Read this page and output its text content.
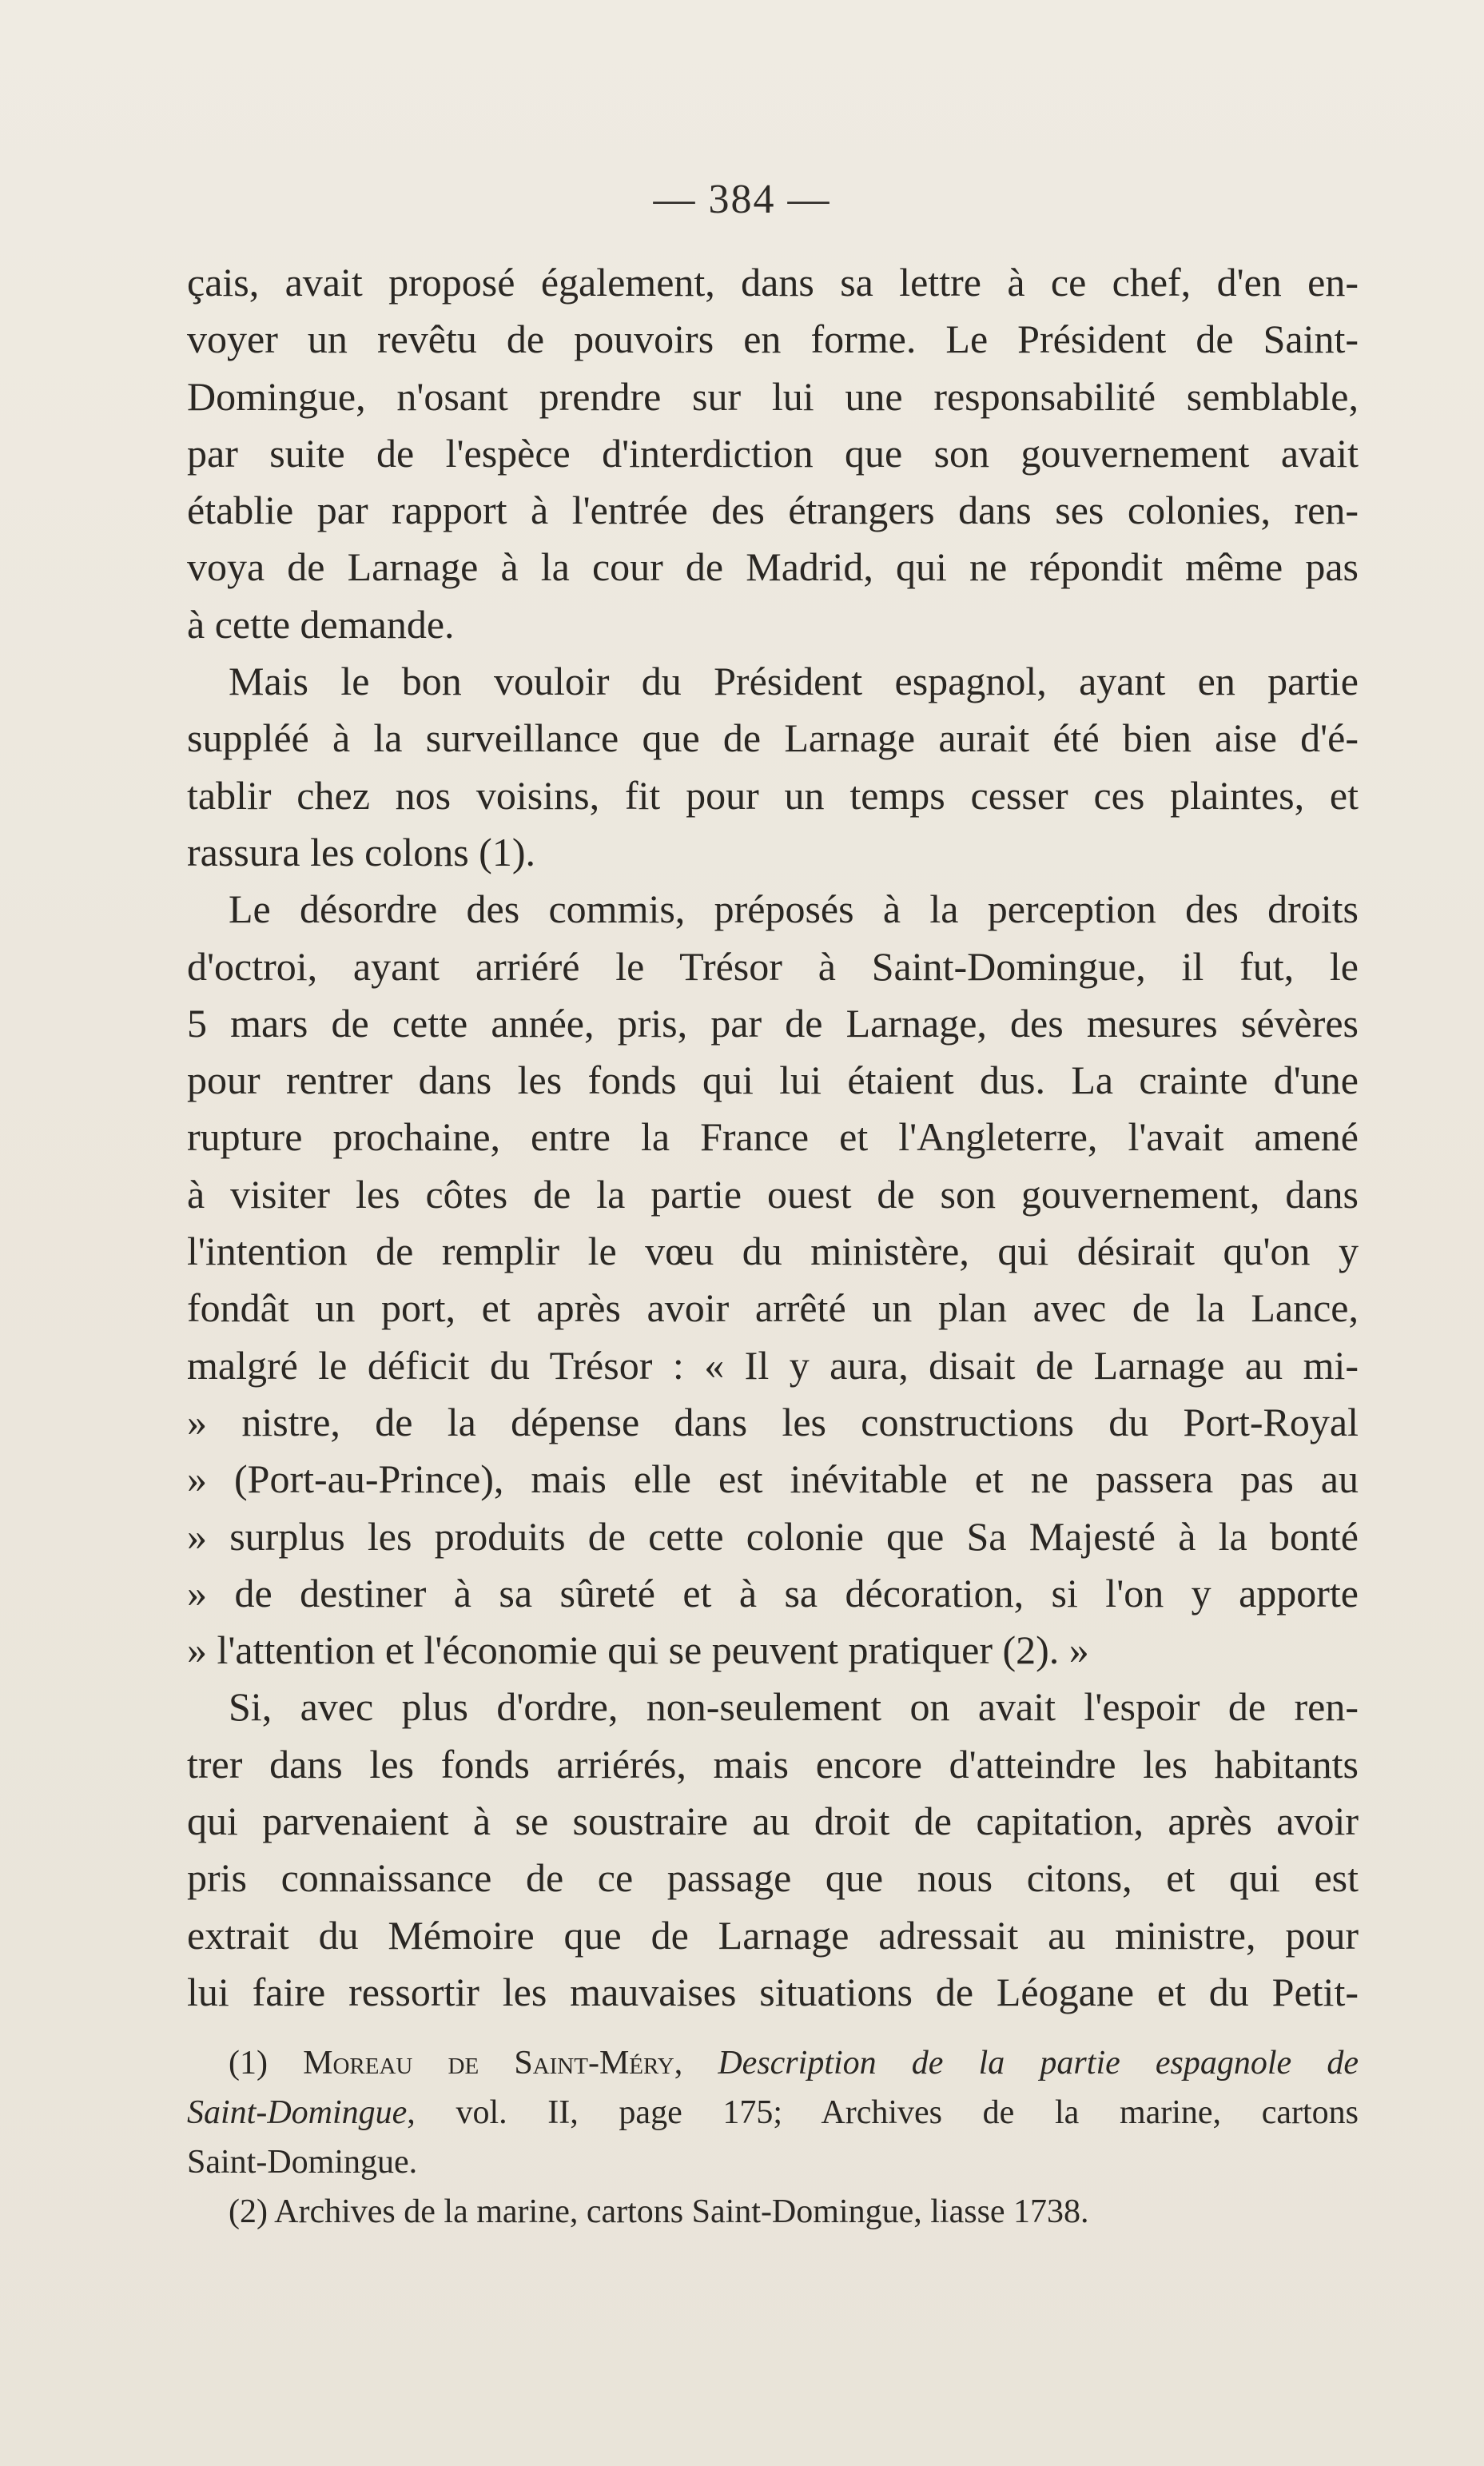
— 384 —
çais, avait proposé également, dans sa lettre à ce chef, d'en en-
voyer un revêtu de pouvoirs en forme. Le Président de Saint-
Domingue, n'osant prendre sur lui une responsabilité semblable,
par suite de l'espèce d'interdiction que son gouvernement avait
établie par rapport à l'entrée des étrangers dans ses colonies, ren-
voya de Larnage à la cour de Madrid, qui ne répondit même pas
à cette demande.
Mais le bon vouloir du Président espagnol, ayant en partie
suppléé à la surveillance que de Larnage aurait été bien aise d'é-
tablir chez nos voisins, fit pour un temps cesser ces plaintes, et
rassura les colons (1).
Le désordre des commis, préposés à la perception des droits
d'octroi, ayant arriéré le Trésor à Saint-Domingue, il fut, le
5 mars de cette année, pris, par de Larnage, des mesures sévères
pour rentrer dans les fonds qui lui étaient dus. La crainte d'une
rupture prochaine, entre la France et l'Angleterre, l'avait amené
à visiter les côtes de la partie ouest de son gouvernement, dans
l'intention de remplir le vœu du ministère, qui désirait qu'on y
fondât un port, et après avoir arrêté un plan avec de la Lance,
malgré le déficit du Trésor : « Il y aura, disait de Larnage au mi-
» nistre, de la dépense dans les constructions du Port-Royal
» (Port-au-Prince), mais elle est inévitable et ne passera pas au
» surplus les produits de cette colonie que Sa Majesté à la bonté
» de destiner à sa sûreté et à sa décoration, si l'on y apporte
» l'attention et l'économie qui se peuvent pratiquer (2). »
Si, avec plus d'ordre, non-seulement on avait l'espoir de ren-
trer dans les fonds arriérés, mais encore d'atteindre les habitants
qui parvenaient à se soustraire au droit de capitation, après avoir
pris connaissance de ce passage que nous citons, et qui est
extrait du Mémoire que de Larnage adressait au ministre, pour
lui faire ressortir les mauvaises situations de Léogane et du Petit-
(1) Moreau de Saint-Méry, Description de la partie espagnole de
Saint-Domingue, vol. II, page 175; Archives de la marine, cartons
Saint-Domingue.
(2) Archives de la marine, cartons Saint-Domingue, liasse 1738.
